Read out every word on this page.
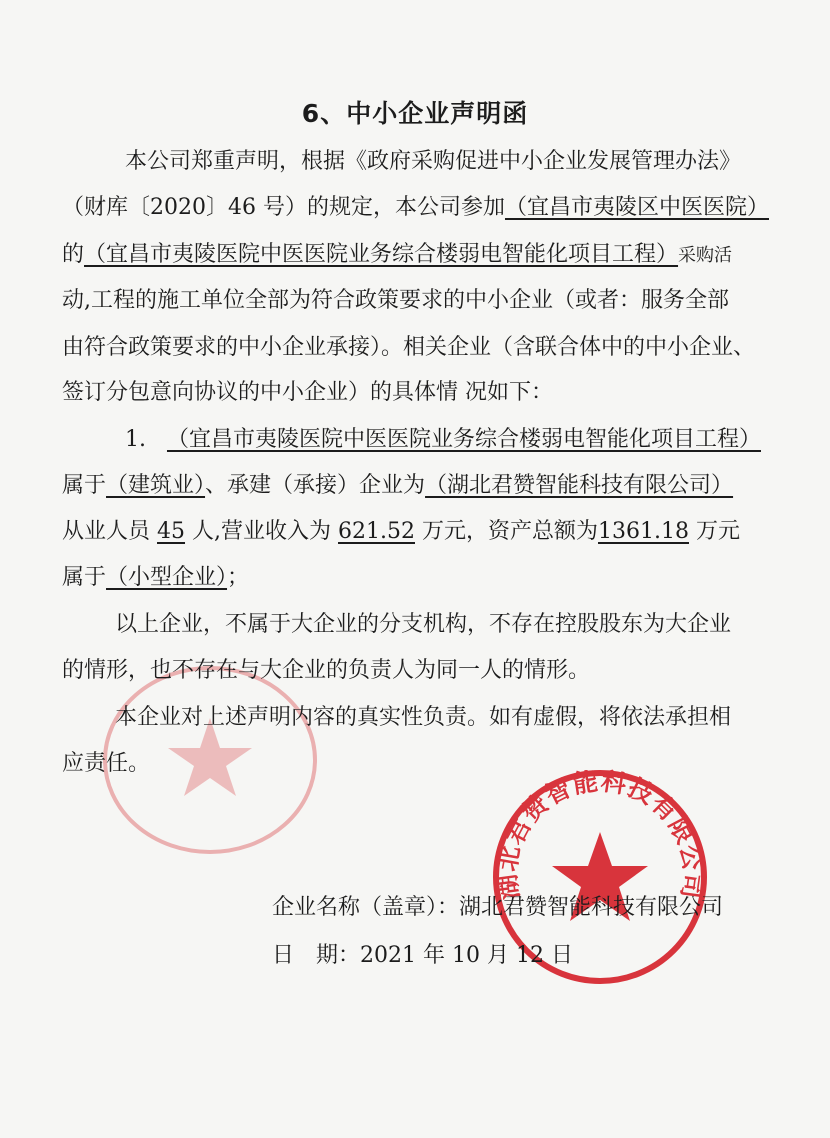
湖北君赞智能科技有限公司
6、中小企业声明函
本公司郑重声明，根据《政府采购促进中小企业发展管理办法》
（财库〔2020〕46 号）的规定，本公司参加（宜昌市夷陵区中医医院）
的（宜昌市夷陵医院中医医院业务综合楼弱电智能化项目工程）采购活
动,工程的施工单位全部为符合政策要求的中小企业（或者：服务全部
由符合政策要求的中小企业承接）。相关企业（含联合体中的中小企业、
签订分包意向协议的中小企业）的具体情 况如下：
1. （宜昌市夷陵医院中医医院业务综合楼弱电智能化项目工程）
属于（建筑业）、承建（承接）企业为（湖北君赞智能科技有限公司）
从业人员 45 人,营业收入为 621.52 万元，资产总额为1361.18 万元
属于（小型企业）；
以上企业，不属于大企业的分支机构，不存在控股股东为大企业
的情形，也不存在与大企业的负责人为同一人的情形。
本企业对上述声明内容的真实性负责。如有虚假，将依法承担相
应责任。
企业名称（盖章）：湖北君赞智能科技有限公司
日　期：2021 年 10 月 12 日
